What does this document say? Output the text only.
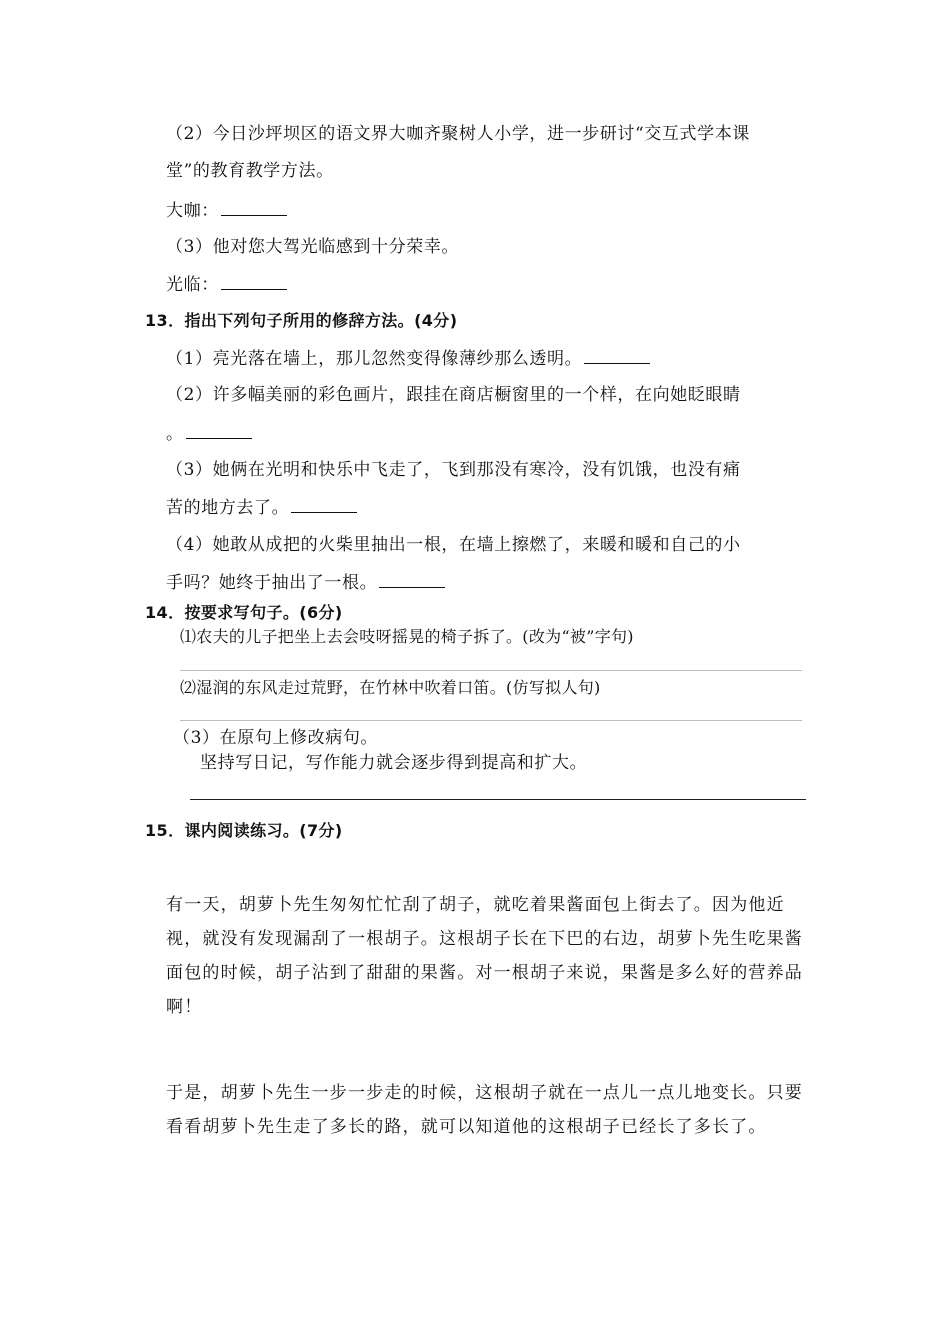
（2）今日沙坪坝区的语文界大咖齐聚树人小学，进一步研讨“交互式学本课
堂”的教育教学方法。
大咖：
（3）他对您大驾光临感到十分荣幸。
光临：
13．指出下列句子所用的修辞方法。(4分)
（1）亮光落在墙上，那儿忽然变得像薄纱那么透明。
（2）许多幅美丽的彩色画片，跟挂在商店橱窗里的一个样，在向她眨眼睛
。
（3）她俩在光明和快乐中飞走了，飞到那没有寒冷，没有饥饿，也没有痛
苦的地方去了。
（4）她敢从成把的火柴里抽出一根，在墙上擦燃了，来暖和暖和自己的小
手吗？她终于抽出了一根。
14．按要求写句子。(6分)
⑴农夫的儿子把坐上去会吱呀摇晃的椅子拆了。(改为“被”字句)
⑵湿润的东风走过荒野，在竹林中吹着口笛。(仿写拟人句)
（3）在原句上修改病句。
坚持写日记，写作能力就会逐步得到提高和扩大。
15．课内阅读练习。(7分)

有一天，胡萝卜先生匆匆忙忙刮了胡子，就吃着果酱面包上街去了。因为他近视，就没有发现漏刮了一根胡子。这根胡子长在下巴的右边，胡萝卜先生吃果酱面包的时候，胡子沾到了甜甜的果酱。对一根胡子来说，果酱是多么好的营养品啊！

于是，胡萝卜先生一步一步走的时候，这根胡子就在一点儿一点儿地变长。只要看看胡萝卜先生走了多长的路，就可以知道他的这根胡子已经长了多长了。
